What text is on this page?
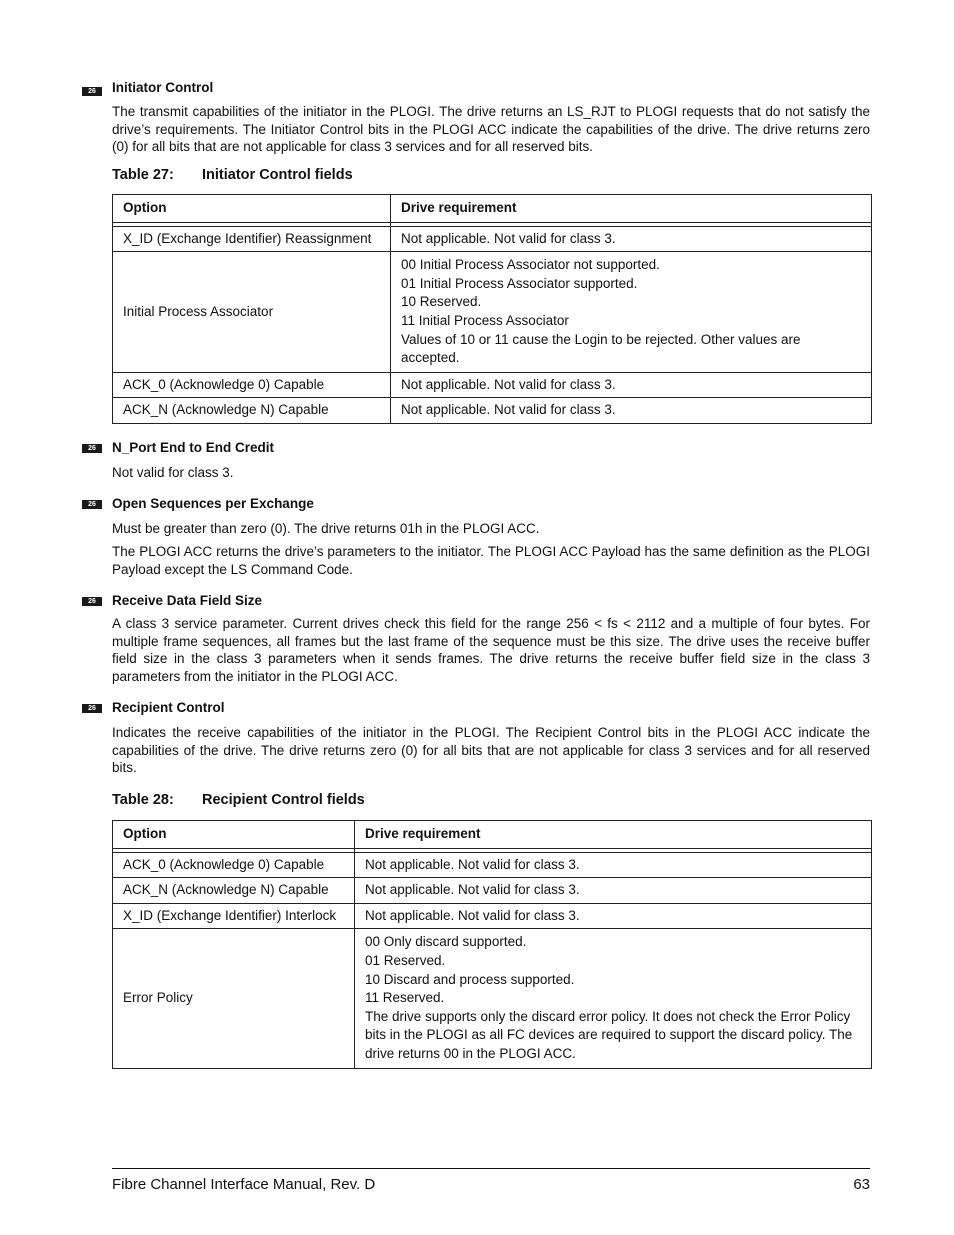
26	Initiator Control

The transmit capabilities of the initiator in the PLOGI. The drive returns an LS_RJT to PLOGI requests that do not satisfy the drive’s requirements. The Initiator Control bits in the PLOGI ACC indicate the capabilities of the drive. The drive returns zero (0) for all bits that are not applicable for class 3 services and for all reserved bits.

Table 27: Initiator Control fields
Option	Drive requirement

X_ID (Exchange Identifier) Reassignment	Not applicable. Not valid for class 3.
Initial Process Associator	00 Initial Process Associator not supported.
01 Initial Process Associator supported.
10 Reserved.
11 Initial Process Associator
Values of 10 or 11 cause the Login to be rejected. Other values are accepted.

ACK_0 (Acknowledge 0) Capable	Not applicable. Not valid for class 3.
ACK_N (Acknowledge N) Capable	Not applicable. Not valid for class 3.
26	N_Port End to End Credit

Not valid for class 3.

26	Open Sequences per Exchange

Must be greater than zero (0). The drive returns 01h in the PLOGI ACC.

The PLOGI ACC returns the drive’s parameters to the initiator. The PLOGI ACC Payload has the same definition as the PLOGI Payload except the LS Command Code.

26	Receive Data Field Size

A class 3 service parameter. Current drives check this field for the range 256 < fs < 2112 and a multiple of four bytes. For multiple frame sequences, all frames but the last frame of the sequence must be this size. The drive uses the receive buffer field size in the class 3 parameters when it sends frames. The drive returns the receive buffer field size in the class 3 parameters from the initiator in the PLOGI ACC.

26	Recipient Control

Indicates the receive capabilities of the initiator in the PLOGI. The Recipient Control bits in the PLOGI ACC indicate the capabilities of the drive. The drive returns zero (0) for all bits that are not applicable for class 3 services and for all reserved bits.

Table 28: Recipient Control fields
Option	Drive requirement

ACK_0 (Acknowledge 0) Capable	Not applicable. Not valid for class 3.
ACK_N (Acknowledge N) Capable	Not applicable. Not valid for class 3.
X_ID (Exchange Identifier) Interlock	Not applicable. Not valid for class 3.
Error Policy	00 Only discard supported.
01 Reserved.
10 Discard and process supported.
11 Reserved.
The drive supports only the discard error policy. It does not check the Error Policy bits in the PLOGI as all FC devices are required to support the discard policy. The drive returns 00 in the PLOGI ACC.
Fibre Channel Interface Manual, Rev. D	63
